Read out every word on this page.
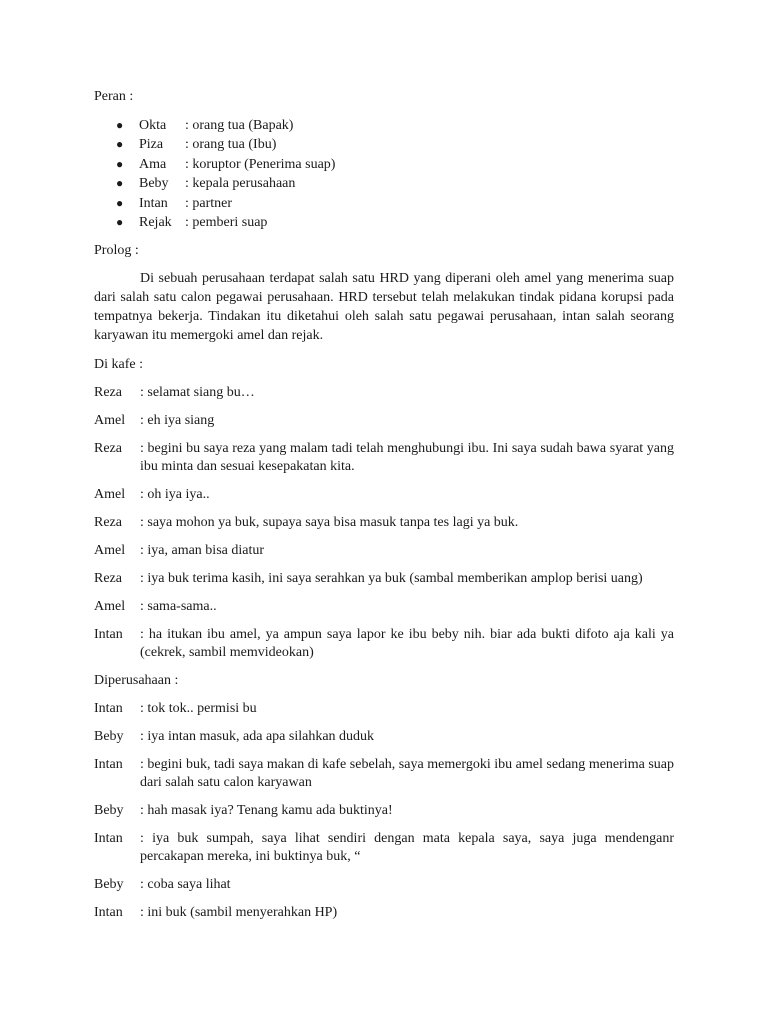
Peran :

●	Okta	: orang tua (Bapak)
●	Piza	: orang tua (Ibu)
●	Ama	: koruptor (Penerima suap)
●	Beby	: kepala perusahaan
●	Intan	: partner
●	Rejak : pemberi suap

Prolog :

Di sebuah perusahaan terdapat salah satu HRD yang diperani oleh amel yang menerima suap dari salah satu calon pegawai perusahaan. HRD tersebut telah melakukan tindak pidana korupsi pada tempatnya bekerja. Tindakan itu diketahui oleh salah satu pegawai perusahaan, intan salah seorang karyawan itu memergoki amel dan rejak.

Di kafe :

Reza	: selamat siang bu…
Amel	: eh iya siang
Reza	: begini bu saya reza yang malam tadi telah menghubungi ibu. Ini saya sudah bawa syarat yang ibu minta dan sesuai kesepakatan kita.
Amel	: oh iya iya..
Reza	: saya mohon ya buk, supaya saya bisa masuk tanpa tes lagi ya buk.
Amel	: iya, aman bisa diatur
Reza	: iya buk terima kasih, ini saya serahkan ya buk (sambal memberikan amplop berisi uang)
Amel	: sama-sama..
Intan	: ha itukan ibu amel, ya ampun saya lapor ke ibu beby nih. biar ada bukti difoto aja kali ya (cekrek, sambil memvideokan)

Diperusahaan :

Intan	: tok tok.. permisi bu
Beby	: iya intan masuk, ada apa silahkan duduk
Intan	: begini buk, tadi saya makan di kafe sebelah, saya memergoki ibu amel sedang menerima suap dari salah satu calon karyawan
Beby	: hah masak iya? Tenang kamu ada buktinya!
Intan	: iya buk sumpah, saya lihat sendiri dengan mata kepala saya, saya juga mendenganr percakapan mereka, ini buktinya buk, “
Beby	: coba saya lihat
Intan	: ini buk (sambil menyerahkan HP)
